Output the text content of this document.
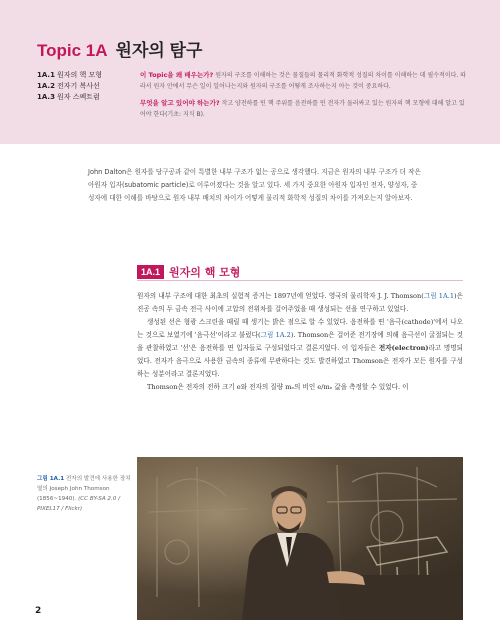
Topic 1A 원자의 탐구
1A.1 원자의 핵 모형
1A.2 전자기 복사선
1A.3 원자 스펙트럼

이 Topic을 왜 배우는가? 원자의 구조를 이해하는 것은 물질들의 물리적 화학적 성질의 차이를 이해하는 데 필수적이다. 따라서 원자 안에서 무슨 일이 일어나는지와 원자의 구조를 어떻게 조사하는지 아는 것이 중요하다.

무엇을 알고 있어야 하는가? 작고 양전하를 띤 핵 주위를 음전하를 띤 전자가 둘러싸고 있는 원자의 핵 모형에 대해 알고 있어야 한다(기초: 지식 B).

John Dalton은 원자를 당구공과 같이 특별한 내부 구조가 없는 공으로 생각했다. 지금은 원자의 내부 구조가 더 작은 아원자 입자(subatomic particle)로 이루어졌다는 것을 알고 있다. 세 가지 중요한 아원자 입자인 전자, 양성자, 중성자에 대한 이해를 바탕으로 원자 내부 배치의 차이가 어떻게 물리적 화학적 성질의 차이를 가져오는지 알아보자.

1A.1 원자의 핵 모형
원자의 내부 구조에 대한 최초의 실험적 증거는 1897년에 얻었다. 영국의 물리학자 J. J. Thomson(그림 1A.1)은 진공 속의 두 금속 전극 사이에 고압의 전위차를 걸어주었을 때 생성되는 선을 연구하고 있었다.
생성된 선은 형광 스크린을 때릴 때 생기는 밝은 점으로 알 수 있었다. 음전하를 띤 '음극(cathode)'에서 나오는 것으로 보였기에 '음극선'이라고 불렀다(그림 1A.2). Thomson은 걸어준 전기장에 의해 음극선이 굴절되는 것을 관찰하였고 '선'은 음전하를 띤 입자들로 구성되었다고 결론지었다. 이 입자들은 전자(electron)라고 명명되었다. 전자가 음극으로 사용한 금속의 종류에 무관하다는 것도 발견하였고 Thomson은 전자가 모든 원자를 구성하는 성분이라고 결론지었다.
Thomson은 전자의 전하 크기 e와 전자의 질량 mₑ의 비인 e/mₑ 값을 측정할 수 있었다. 이

그림 1A.1 전자의 발견에 사용한 장치 옆의 Joseph John Thomson (1856~1940). (CC BY-SA 2.0 / PIXEL17 / Flickr)

2
